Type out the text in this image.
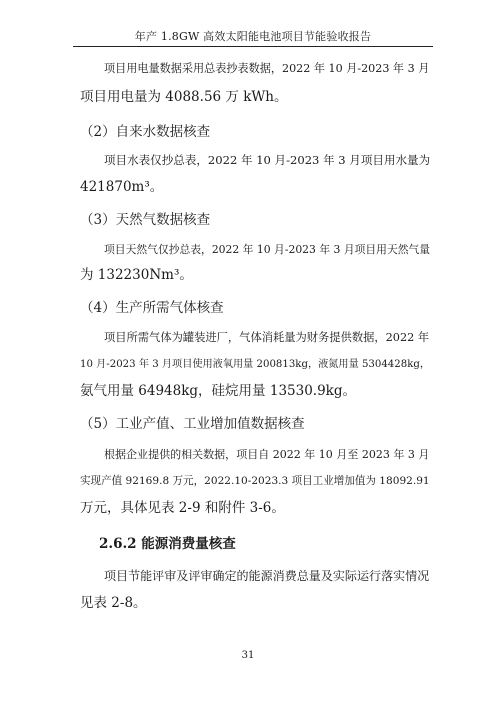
年产 1.8GW 高效太阳能电池项目节能验收报告
项目用电量数据采用总表抄表数据，2022 年 10 月-2023 年 3 月
项目用电量为 4088.56 万 kWh。
（2）自来水数据核查
项目水表仅抄总表，2022 年 10 月-2023 年 3 月项目用水量为
421870m³。
（3）天然气数据核查
项目天然气仅抄总表，2022 年 10 月-2023 年 3 月项目用天然气量
为 132230Nm³。
（4）生产所需气体核查
项目所需气体为罐装进厂，气体消耗量为财务提供数据，2022 年
10 月-2023 年 3 月项目使用液氧用量 200813kg，液氮用量 5304428kg，
氨气用量 64948kg，硅烷用量 13530.9kg。
（5）工业产值、工业增加值数据核查
根据企业提供的相关数据，项目自 2022 年 10 月至 2023 年 3 月
实现产值 92169.8 万元，2022.10-2023.3 项目工业增加值为 18092.91
万元，具体见表 2-9 和附件 3-6。
2.6.2 能源消费量核查
项目节能评审及评审确定的能源消费总量及实际运行落实情况
见表 2-8。
31
